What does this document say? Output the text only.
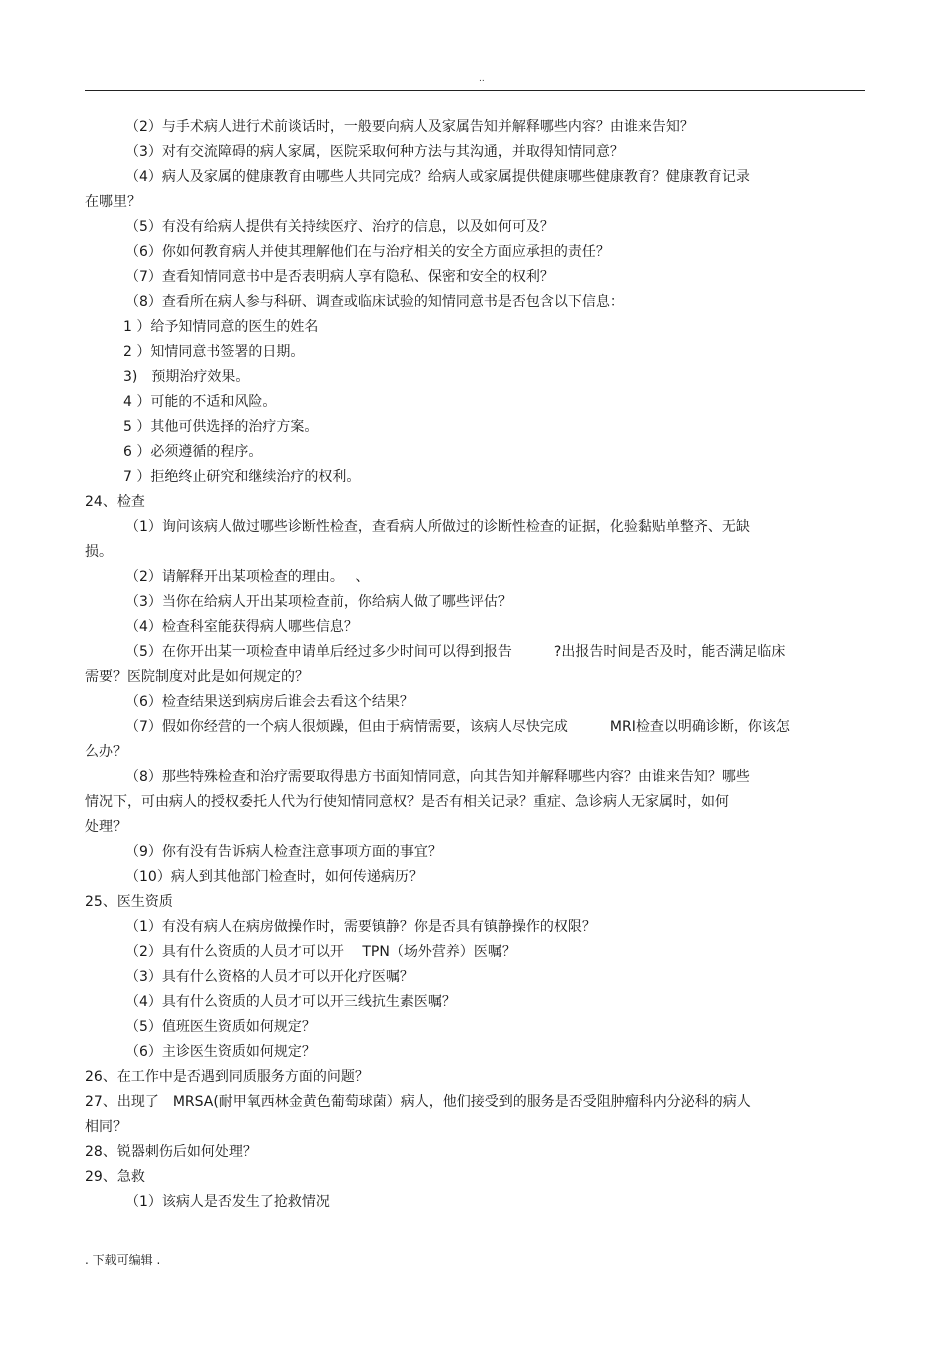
..
（2）与手术病人进行术前谈话时，一般要向病人及家属告知并解释哪些内容？由谁来告知？
（3）对有交流障碍的病人家属，医院采取何种方法与其沟通，并取得知情同意？
（4）病人及家属的健康教育由哪些人共同完成？给病人或家属提供健康哪些健康教育？健康教育记录
在哪里？
（5）有没有给病人提供有关持续医疗、治疗的信息，以及如何可及？
（6）你如何教育病人并使其理解他们在与治疗相关的安全方面应承担的责任？
（7）查看知情同意书中是否表明病人享有隐私、保密和安全的权利？
（8）查看所在病人参与科研、调查或临床试验的知情同意书是否包含以下信息：
1 ）给予知情同意的医生的姓名
2 ）知情同意书签署的日期。
3)　预期治疗效果。
4 ）可能的不适和风险。
5 ）其他可供选择的治疗方案。
6 ）必须遵循的程序。
7 ）拒绝终止研究和继续治疗的权利。
24、检查
（1）询问该病人做过哪些诊断性检查，查看病人所做过的诊断性检查的证据，化验黏贴单整齐、无缺
损。
（2）请解释开出某项检查的理由。　 、
（3）当你在给病人开出某项检查前，你给病人做了哪些评估？
（4）检查科室能获得病人哪些信息？
（5）在你开出某一项检查申请单后经过多少时间可以得到报告　　　?出报告时间是否及时，能否满足临床
需要？医院制度对此是如何规定的？
（6）检查结果送到病房后谁会去看这个结果？
（7）假如你经营的一个病人很烦躁，但由于病情需要，该病人尽快完成　　　MRI检查以明确诊断，你该怎
么办？
（8）那些特殊检查和治疗需要取得患方书面知情同意，向其告知并解释哪些内容？由谁来告知？哪些
情况下，可由病人的授权委托人代为行使知情同意权？是否有相关记录？重症、急诊病人无家属时，如何
处理？
（9）你有没有告诉病人检查注意事项方面的事宜？
（10）病人到其他部门检查时，如何传递病历？
25、医生资质
（1）有没有病人在病房做操作时，需要镇静？你是否具有镇静操作的权限？
（2）具有什么资质的人员才可以开　 TPN（场外营养）医嘱？
（3）具有什么资格的人员才可以开化疗医嘱？
（4）具有什么资质的人员才可以开三线抗生素医嘱？
（5）值班医生资质如何规定？
（6）主诊医生资质如何规定？
26、在工作中是否遇到同质服务方面的问题？
27、出现了　MRSA(耐甲氧西林金黄色葡萄球菌）病人，他们接受到的服务是否受阻肿瘤科内分泌科的病人
相同？
28、锐器刺伤后如何处理？
29、急救
（1）该病人是否发生了抢救情况
. 下载可编辑 .
